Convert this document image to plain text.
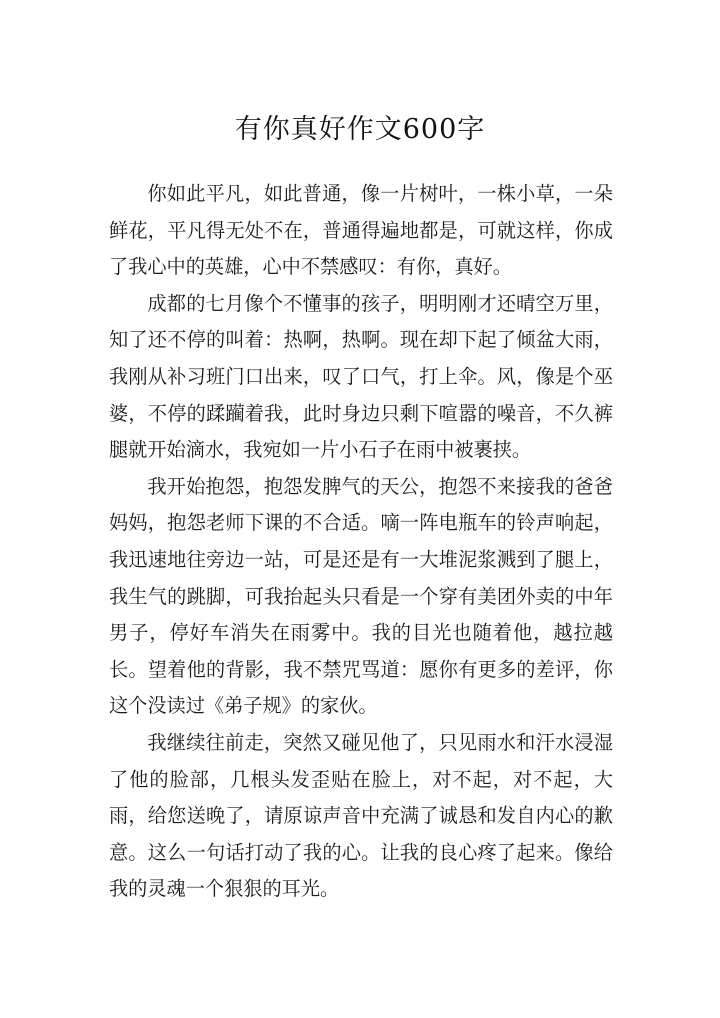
有你真好作文600字

你如此平凡，如此普通，像一片树叶，一株小草，一朵鲜花，平凡得无处不在，普通得遍地都是，可就这样，你成了我心中的英雄，心中不禁感叹：有你，真好。

成都的七月像个不懂事的孩子，明明刚才还晴空万里，知了还不停的叫着：热啊，热啊。现在却下起了倾盆大雨，我刚从补习班门口出来，叹了口气，打上伞。风，像是个巫婆，不停的蹂躏着我，此时身边只剩下喧嚣的噪音，不久裤腿就开始滴水，我宛如一片小石子在雨中被裹挟。

我开始抱怨，抱怨发脾气的天公，抱怨不来接我的爸爸妈妈，抱怨老师下课的不合适。嘀一阵电瓶车的铃声响起，我迅速地往旁边一站，可是还是有一大堆泥浆溅到了腿上，我生气的跳脚，可我抬起头只看是一个穿有美团外卖的中年男子，停好车消失在雨雾中。我的目光也随着他，越拉越长。望着他的背影，我不禁咒骂道：愿你有更多的差评，你这个没读过《弟子规》的家伙。

我继续往前走，突然又碰见他了，只见雨水和汗水浸湿了他的脸部，几根头发歪贴在脸上，对不起，对不起，大雨，给您送晚了，请原谅声音中充满了诚恳和发自内心的歉意。这么一句话打动了我的心。让我的良心疼了起来。像给我的灵魂一个狠狠的耳光。
